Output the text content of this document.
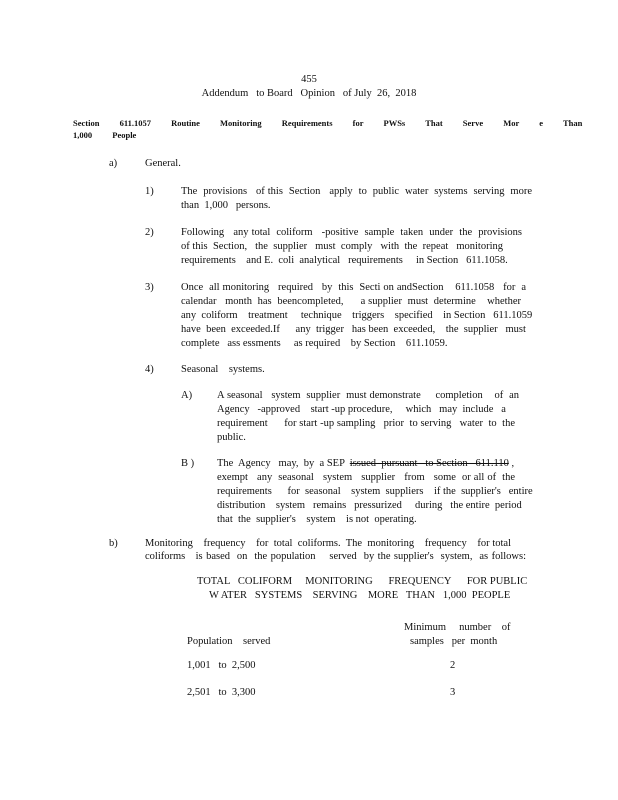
455
Addendum   to Board   Opinion   of July  26,  2018
Section 611.1057 Routine Monitoring Requirements for PWSs That Serve Mor e Than
1,000 People
a)	General.
1)	The  provisions   of this  Section   apply  to  public  water  systems  serving  more
than  1,000   persons.
2)	Following   any total  coliform   -positive  sample  taken  under  the  provisions
of this  Section,   the  supplier   must  comply   with  the  repeat   monitoring
requirements    and E.  coli  analytical   requirements     in Section   611.1058.
3)	Once  all monitoring   required   by  this  Secti on andSection    611.1058   for  a
calendar   month  has  beencompleted,      a supplier  must  determine    whether
any  coliform    treatment     technique    triggers    specified    in Section   611.1059
have  been  exceeded.If      any  trigger   has been  exceeded,    the  supplier   must
complete   ass essments     as required    by Section    611.1059.
4)	Seasonal    systems.
A) A seasonal   system  supplier  must demonstrate     completion    of  an
Agency   -approved    start -up procedure,     which   may  include   a
requirement      for start -up sampling   prior  to serving   water  to  the
public.
B ) The  Agency   may,  by  a SEP  issued  pursuant   to Section   611.110 ,
exempt   any  seasonal   system   supplier   from   some  or all of  the
requirements      for  seasonal    system  suppliers    if the  supplier's   entire
distribution    system   remains   pressurized     during   the entire  period
that  the  supplier's    system    is not  operating.
b)	Monitoring    frequency    for  total  coliforms.  The  monitoring    frequency    for total
coliforms   is based  on  the population    served  by the supplier's  system,  as follows:
TOTAL   COLIFORM     MONITORING      FREQUENCY      FOR PUBLIC
W ATER   SYSTEMS    SERVING    MORE   THAN   1,000  PEOPLE
Minimum     number    of
Population    served	samples   per  month
1,001   to  2,500	2
2,501   to  3,300	3
